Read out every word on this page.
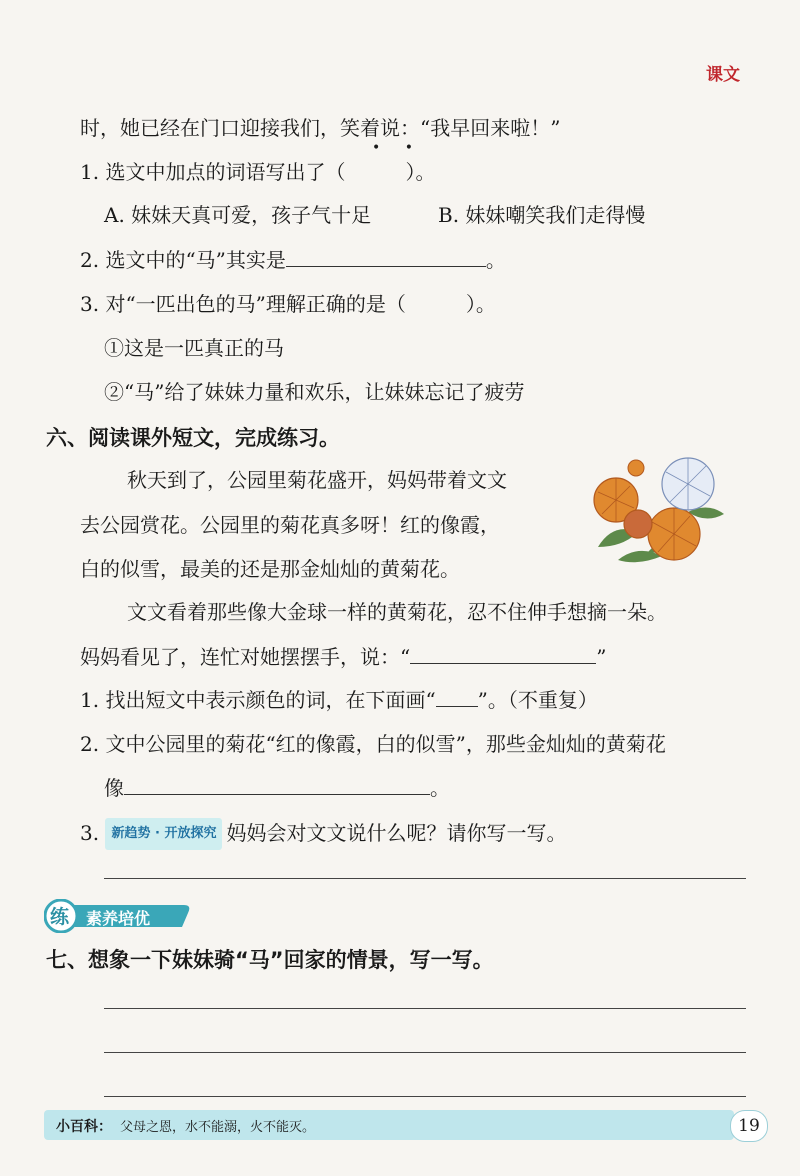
课文
时，她已经在门口迎接我们，笑着说：“我早回来啦！”
• •
1. 选文中加点的词语写出了（　　　）。
A. 妹妹天真可爱，孩子气十足	B. 妹妹嘲笑我们走得慢
2. 选文中的“马”其实是	。
3. 对“一匹出色的马”理解正确的是（　　　）。
①这是一匹真正的马
②“马”给了妹妹力量和欢乐，让妹妹忘记了疲劳
六、阅读课外短文，完成练习。
秋天到了，公园里菊花盛开，妈妈带着文文
去公园赏花。公园里的菊花真多呀！红的像霞，
白的似雪，最美的还是那金灿灿的黄菊花。
文文看着那些像大金球一样的黄菊花，忍不住伸手想摘一朵。
妈妈看见了，连忙对她摆摆手，说：“	”
1. 找出短文中表示颜色的词，在下面画“ ”。（不重复）
2. 文中公园里的菊花“红的像霞，白的似雪”，那些金灿灿的黄菊花
像	。
3. 新趋势 · 开放探究 妈妈会对文文说什么呢？请你写一写。
练 素养培优
七、想象一下妹妹骑“马”回家的情景，写一写。
小百科： 父母之恩，水不能溺，火不能灭。	19
